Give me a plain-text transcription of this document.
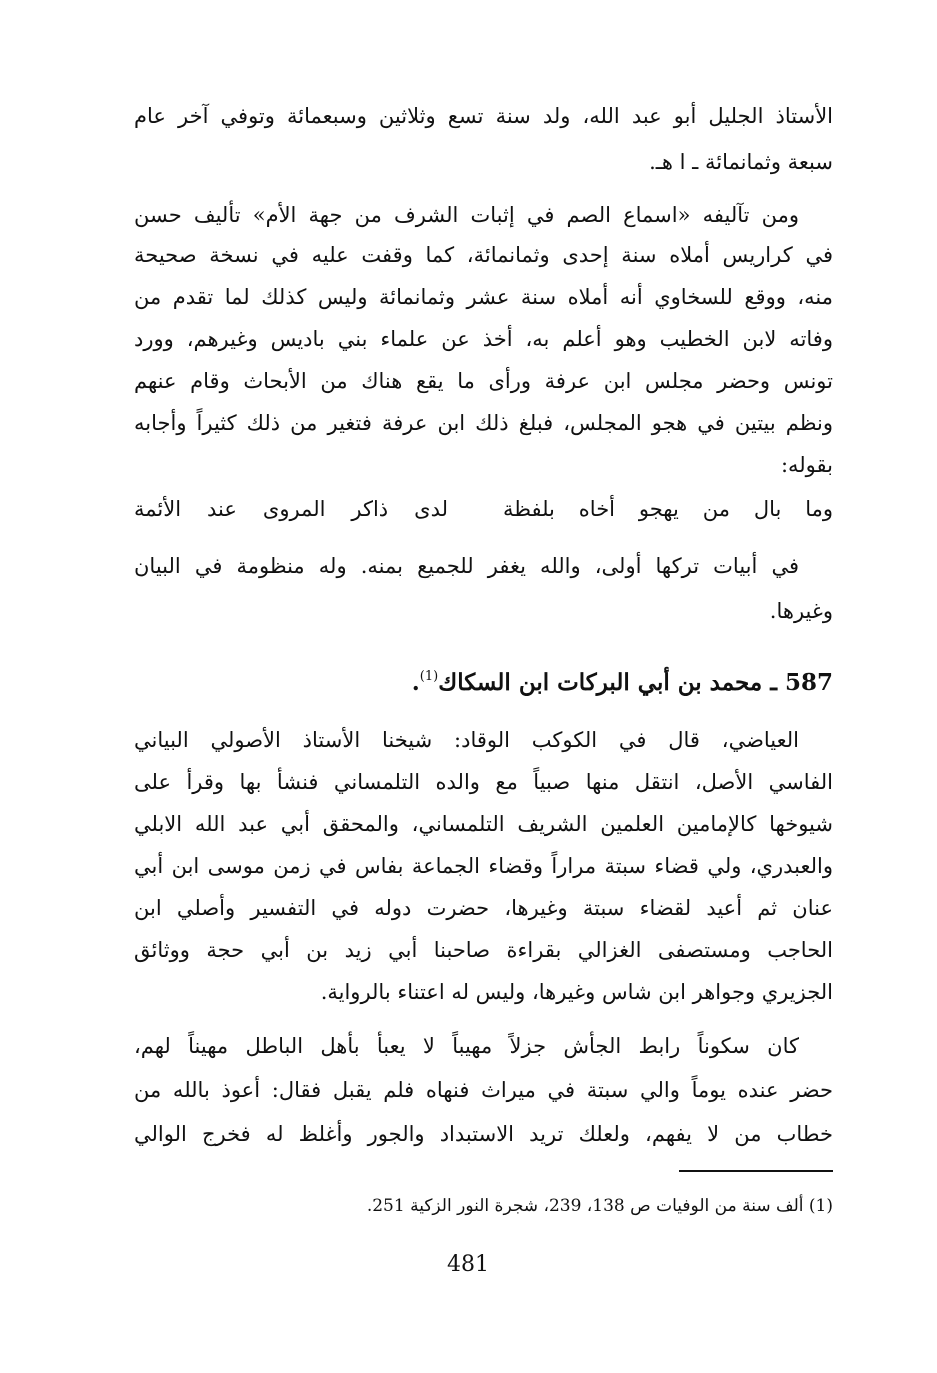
الأستاذ الجليل أبو عبد الله، ولد سنة تسع وثلاثين وسبعمائة وتوفي آخر عام
سبعة وثمانمائة ـ ا هـ.
ومن تآليفه «اسماع الصم في إثبات الشرف من جهة الأم» تأليف حسن
في كراريس أملاه سنة إحدى وثمانمائة، كما وقفت عليه في نسخة صحيحة
منه، ووقع للسخاوي أنه أملاه سنة عشر وثمانمائة وليس كذلك لما تقدم من
وفاته لابن الخطيب وهو أعلم به، أخذ عن علماء بني باديس وغيرهم، وورد
تونس وحضر مجلس ابن عرفة ورأى ما يقع هناك من الأبحاث وقام عنهم
ونظم بيتين في هجو المجلس، فبلغ ذلك ابن عرفة فتغير من ذلك كثيراً وأجابه
بقوله:
وما بال من يهجو أخاه بلفظة
لدى ذاكر المروى عند الأئمة
في أبيات تركها أولى، والله يغفر للجميع بمنه. وله منظومة في البيان
وغيرها.
587 ـ محمد بن أبي البركات ابن السكاك$^{(1)}$.
العياضي، قال في الكوكب الوقاد: شيخنا الأستاذ الأصولي البياني
الفاسي الأصل، انتقل منها صبياً مع والده التلمساني فنشأ بها وقرأ على
شيوخها كالإمامين العلمين الشريف التلمساني، والمحقق أبي عبد الله الابلي
والعبدري، ولي قضاء سبتة مراراً وقضاء الجماعة بفاس في زمن موسى ابن أبي
عنان ثم أعيد لقضاء سبتة وغيرها، حضرت دوله في التفسير وأصلي ابن
الحاجب ومستصفى الغزالي بقراءة صاحبنا أبي زيد بن أبي حجة ووثائق
الجزيري وجواهر ابن شاس وغيرها، وليس له اعتناء بالرواية.
كان سكوناً رابط الجأش جزلاً مهيباً لا يعبأ بأهل الباطل مهيناً لهم،
حضر عنده يوماً والي سبتة في ميراث فنهاه فلم يقبل فقال: أعوذ بالله من
خطاب من لا يفهم، ولعلك تريد الاستبداد والجور وأغلظ له فخرج الوالي
(1) ألف سنة من الوفيات ص 138، 239، شجرة النور الزكية 251.
481
